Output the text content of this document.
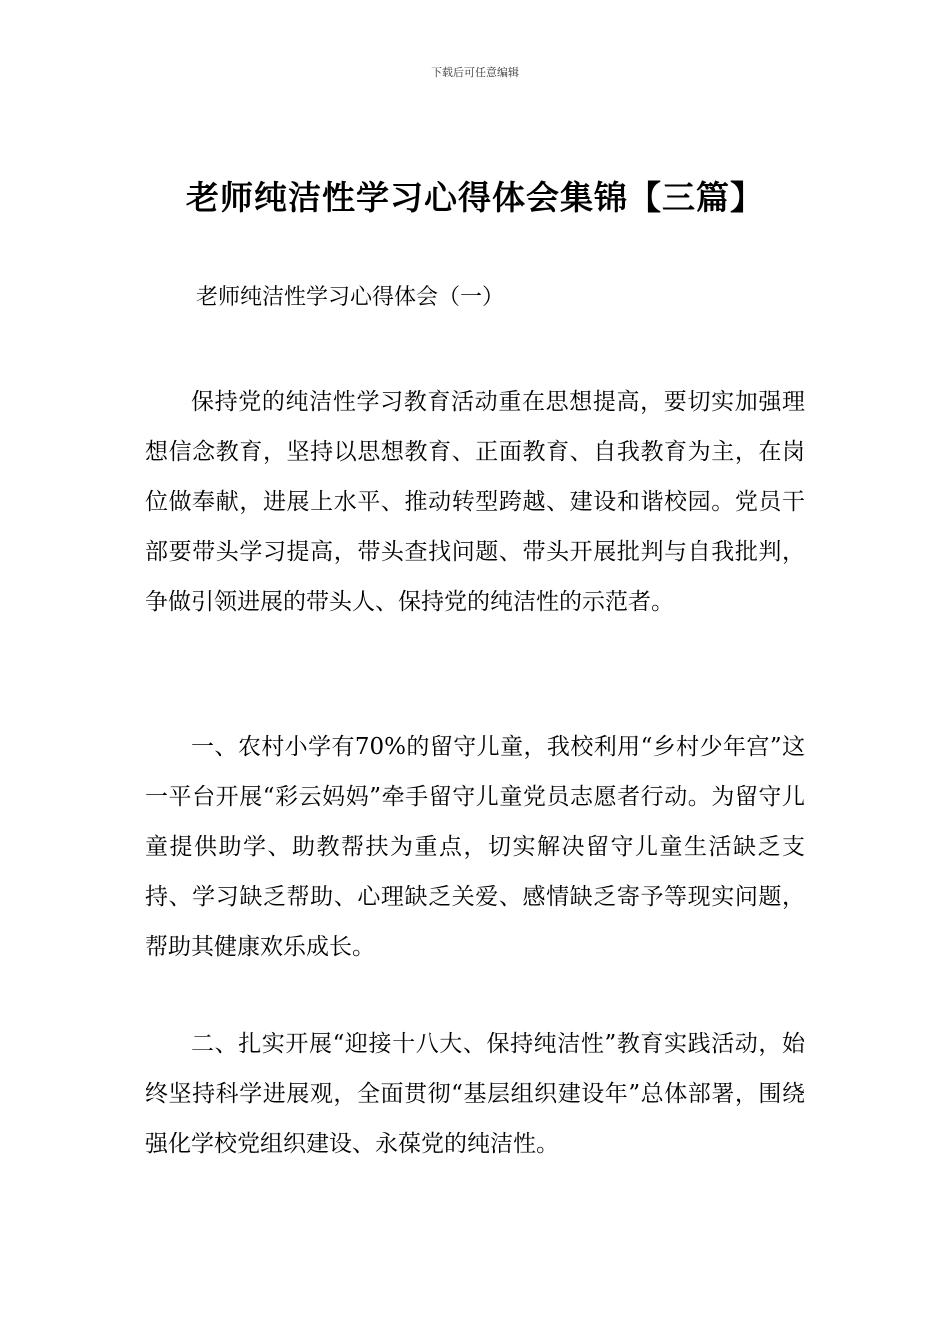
下载后可任意编辑
老师纯洁性学习心得体会集锦【三篇】

老师纯洁性学习心得体会（一）

保持党的纯洁性学习教育活动重在思想提高，要切实加强理想信念教育，坚持以思想教育、正面教育、自我教育为主，在岗位做奉献，进展上水平、推动转型跨越、建设和谐校园。党员干部要带头学习提高，带头查找问题、带头开展批判与自我批判，争做引领进展的带头人、保持党的纯洁性的示范者。

一、农村小学有70%的留守儿童，我校利用“乡村少年宫”这一平台开展“彩云妈妈”牵手留守儿童党员志愿者行动。为留守儿童提供助学、助教帮扶为重点，切实解决留守儿童生活缺乏支持、学习缺乏帮助、心理缺乏关爱、感情缺乏寄予等现实问题，帮助其健康欢乐成长。

二、扎实开展“迎接十八大、保持纯洁性”教育实践活动，始终坚持科学进展观，全面贯彻“基层组织建设年”总体部署，围绕强化学校党组织建设、永葆党的纯洁性。
